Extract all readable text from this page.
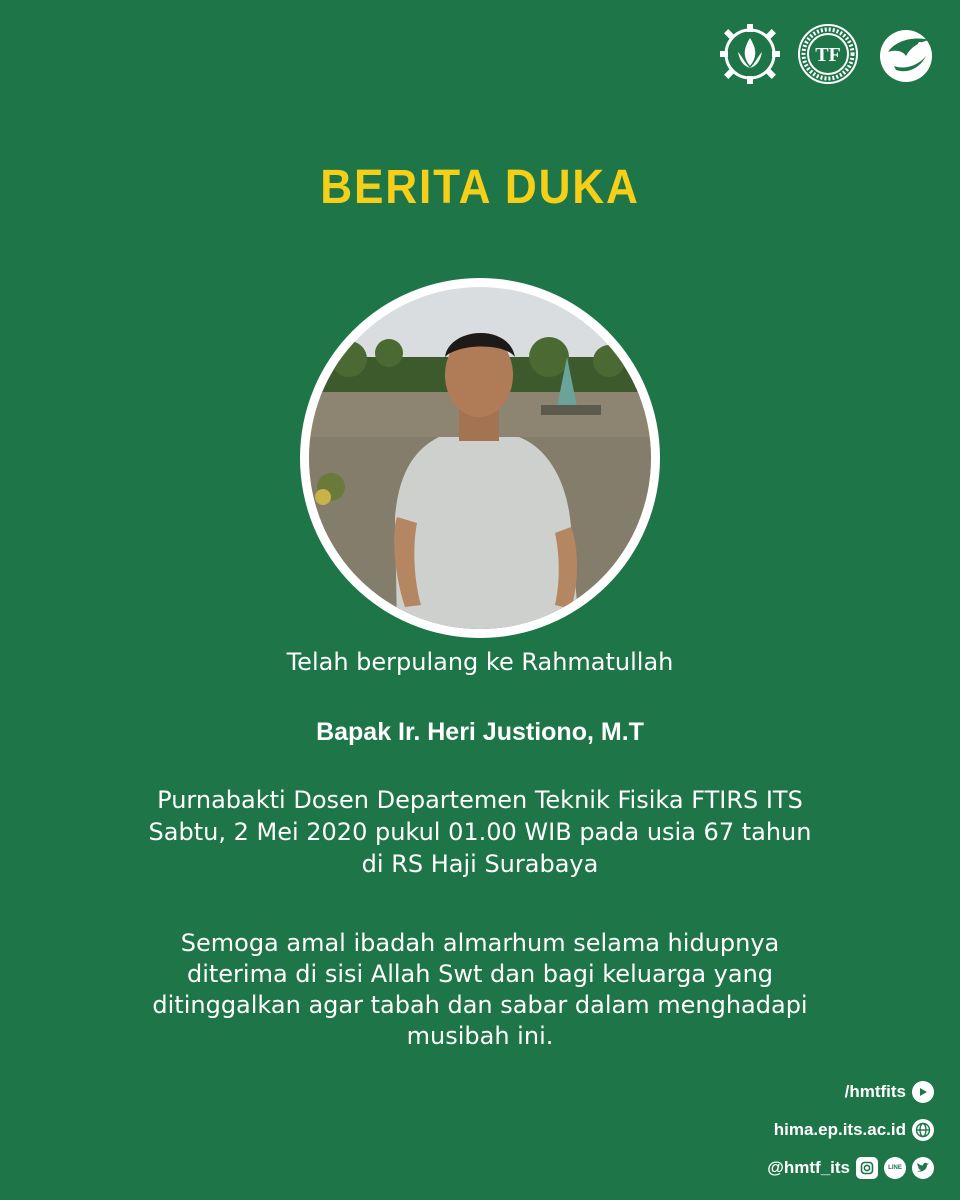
TF
BERITA DUKA
Telah berpulang ke Rahmatullah
Bapak Ir. Heri Justiono, M.T
Purnabakti Dosen Departemen Teknik Fisika FTIRS ITS
Sabtu, 2 Mei 2020 pukul 01.00 WIB pada usia 67 tahun
di RS Haji Surabaya
Semoga amal ibadah almarhum selama hidupnya
diterima di sisi Allah Swt dan bagi keluarga yang
ditinggalkan agar tabah dan sabar dalam menghadapi
musibah ini.
/hmtfits
hima.ep.its.ac.id
@hmtf_its	LINE
